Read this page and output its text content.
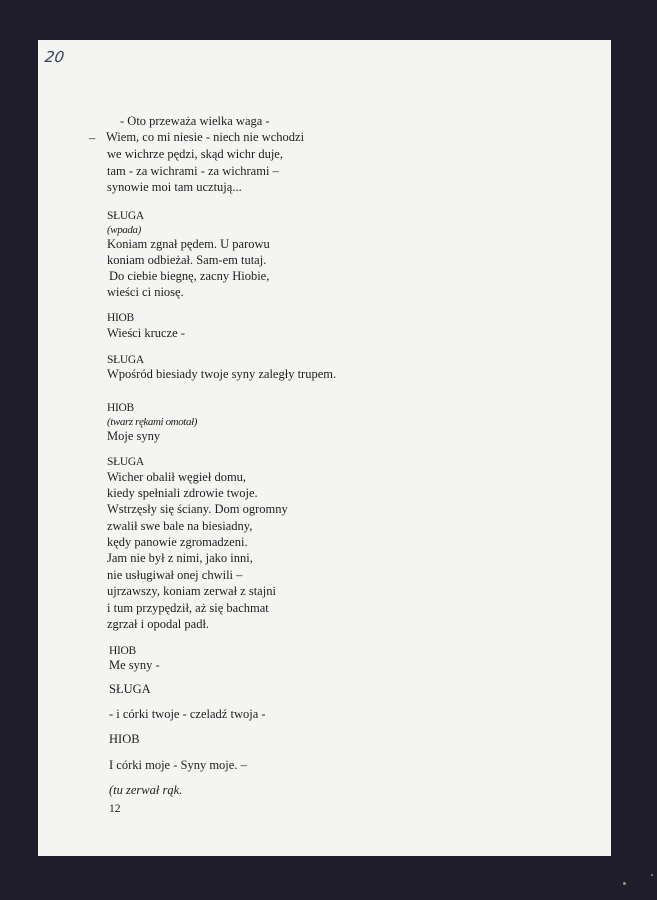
20
- Oto przeważa wielka waga -
– Wiem, co mi niesie - niech nie wchodzi
we wichrze pędzi, skąd wichr duje,
tam - za wichrami - za wichrami –
synowie moi tam ucztują...
SŁUGA
(wpada)
Koniam zgnał pędem. U parowu
koniam odbieżał. Sam-em tutaj.
Do ciebie biegnę, zacny Hiobie,
wieści ci niosę.
HIOB
Wieści krucze -
SŁUGA
Wpośród biesiady twoje syny zaległy trupem.
HIOB
(twarz rękami omotał)
Moje syny
SŁUGA
Wicher obalił węgieł domu,
kiedy spełniali zdrowie twoje.
Wstrzęsły się ściany. Dom ogromny
zwalił swe bale na biesiadny,
kędy panowie zgromadzeni.
Jam nie był z nimi, jako inni,
nie usługiwał onej chwili –
ujrzawszy, koniam zerwał z stajni
i tum przypędził, aż się bachmat
zgrzał i opodal padł.
HIOB
Me syny -
SŁUGA
- i córki twoje - czeladź twoja -
HIOB
I córki moje - Syny moje. –
(tu zerwał rąk.
12
